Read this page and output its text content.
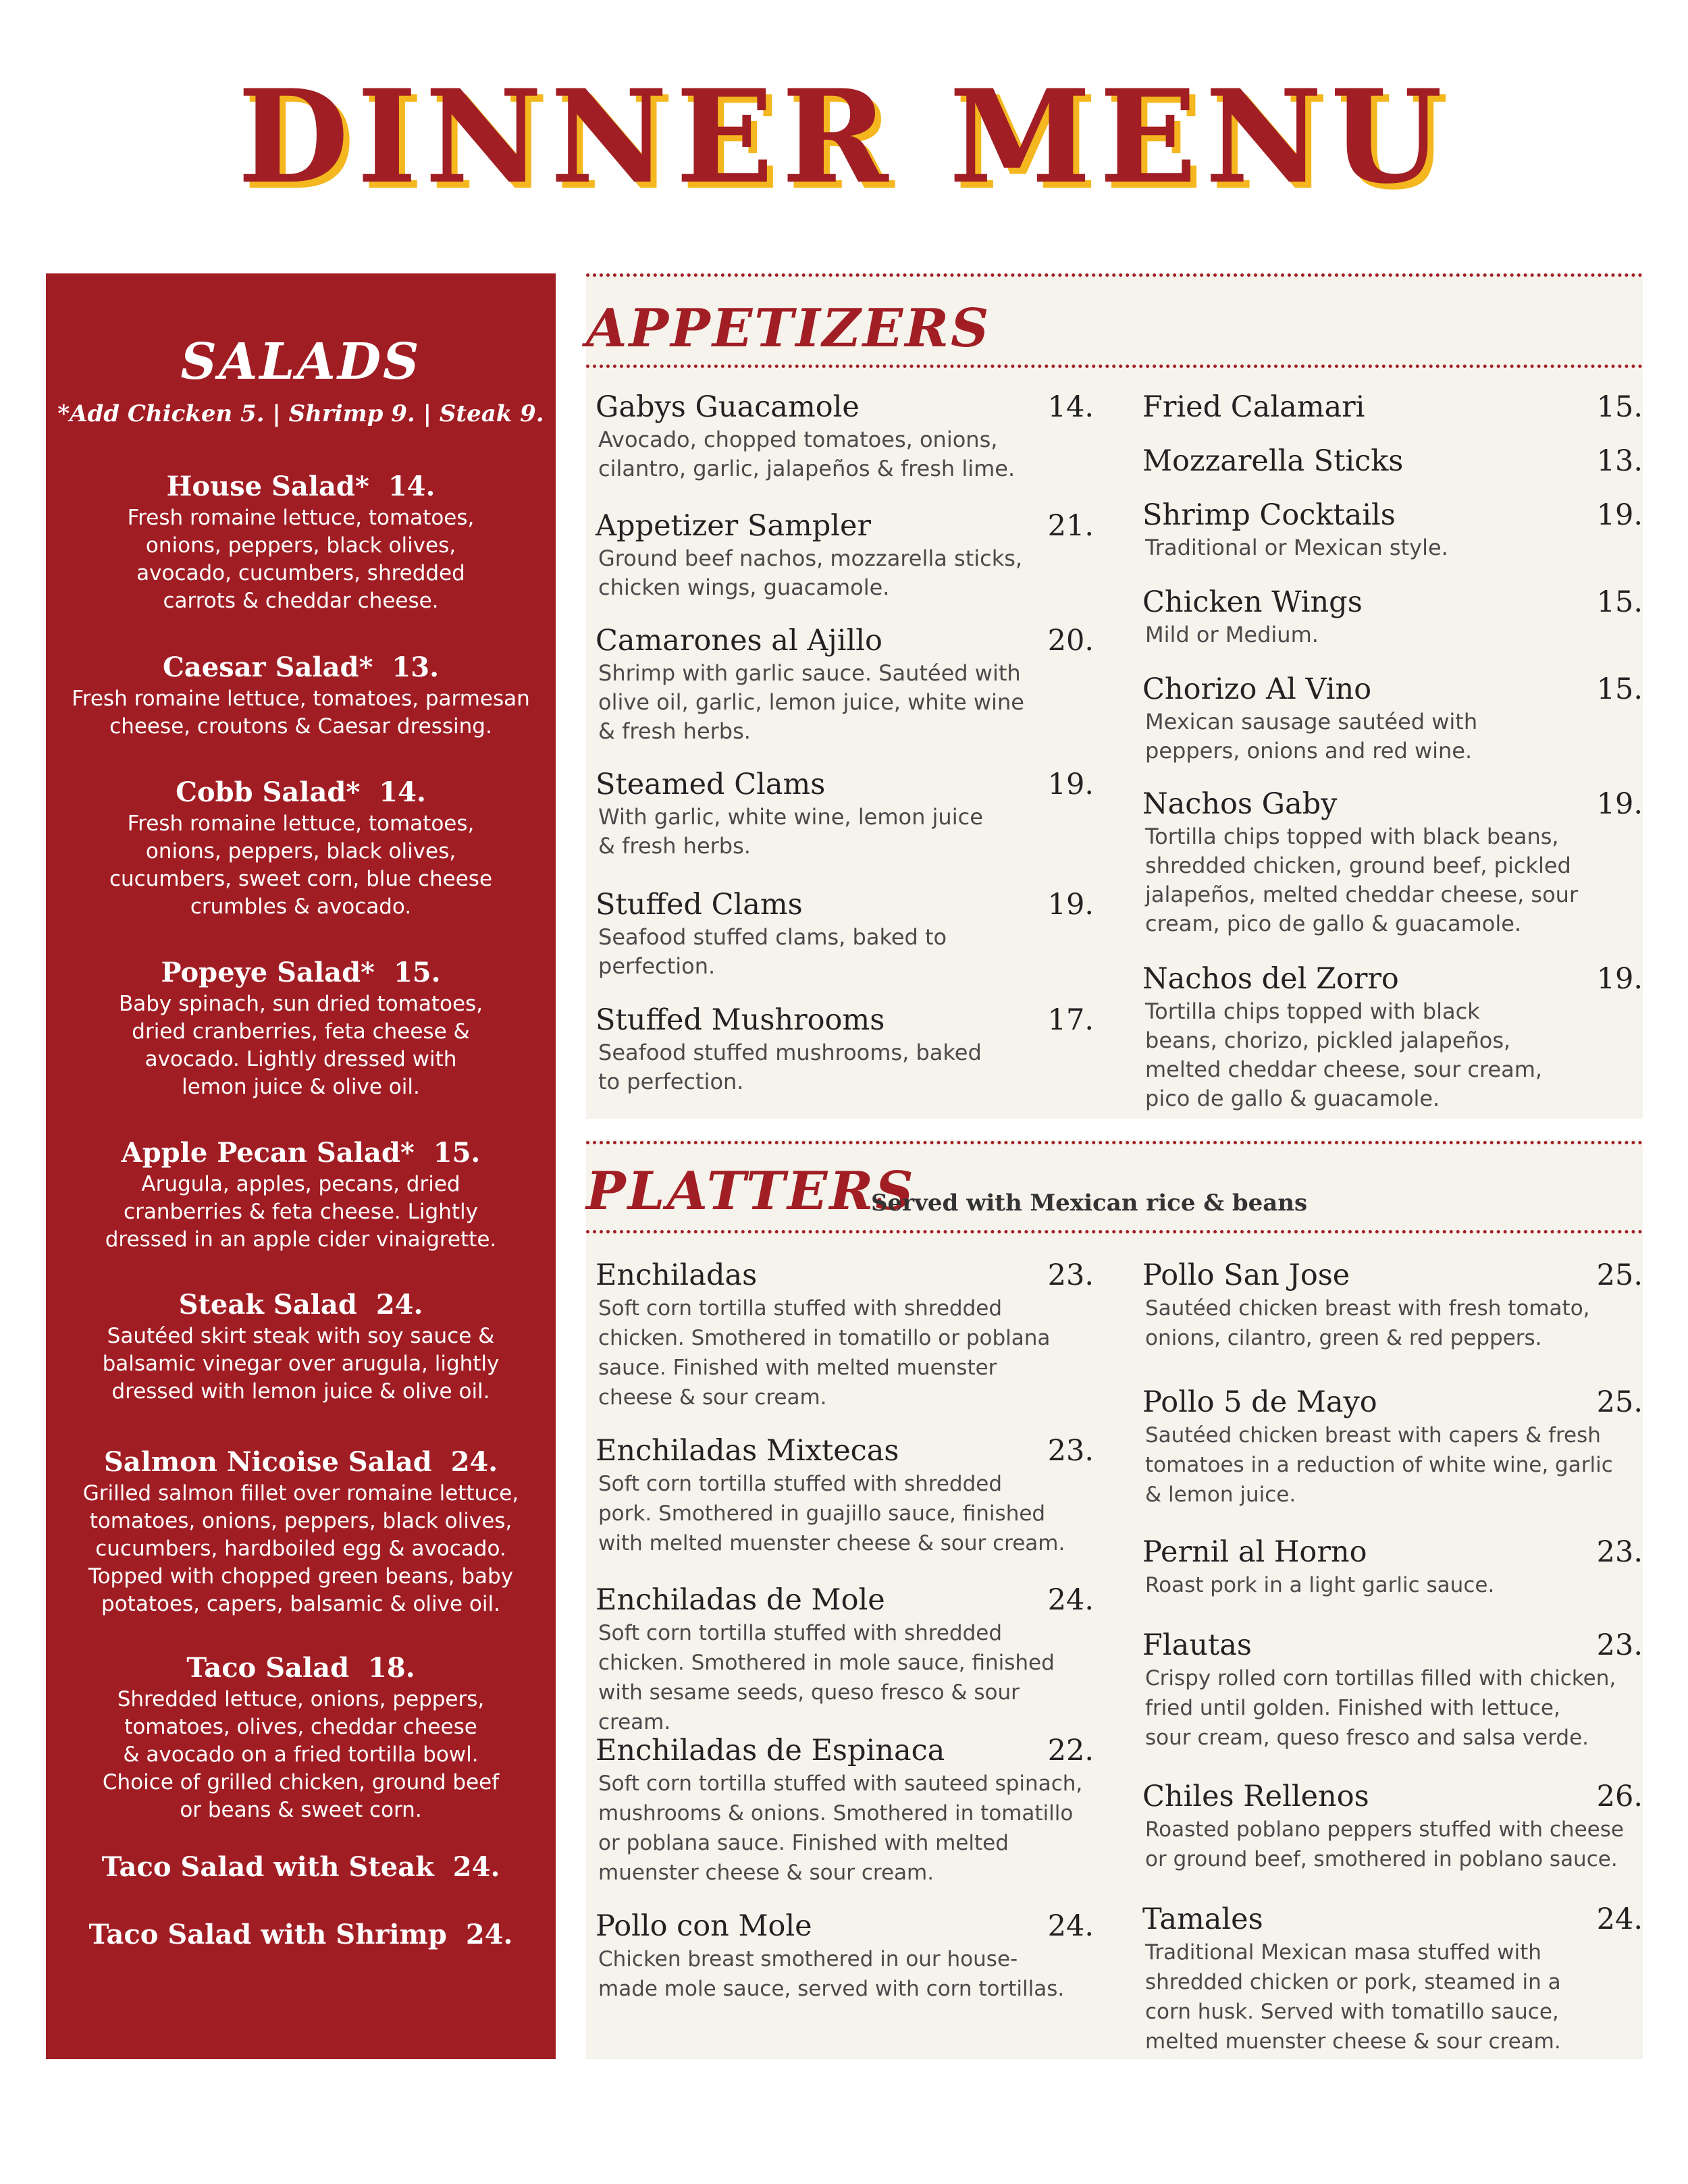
DINNER MENU
SALADS
*Add Chicken 5. | Shrimp 9. | Steak 9.
House Salad* 14.
Fresh romaine lettuce, tomatoes,
onions, peppers, black olives,
avocado, cucumbers, shredded
carrots & cheddar cheese.
Caesar Salad* 13.
Fresh romaine lettuce, tomatoes, parmesan
cheese, croutons & Caesar dressing.
Cobb Salad* 14.
Fresh romaine lettuce, tomatoes,
onions, peppers, black olives,
cucumbers, sweet corn, blue cheese
crumbles & avocado.
Popeye Salad* 15.
Baby spinach, sun dried tomatoes,
dried cranberries, feta cheese &
avocado. Lightly dressed with
lemon juice & olive oil.
Apple Pecan Salad* 15.
Arugula, apples, pecans, dried
cranberries & feta cheese. Lightly
dressed in an apple cider vinaigrette.
Steak Salad 24.
Sautéed skirt steak with soy sauce &
balsamic vinegar over arugula, lightly
dressed with lemon juice & olive oil.
Salmon Nicoise Salad 24.
Grilled salmon fillet over romaine lettuce,
tomatoes, onions, peppers, black olives,
cucumbers, hardboiled egg & avocado.
Topped with chopped green beans, baby
potatoes, capers, balsamic & olive oil.
Taco Salad 18.
Shredded lettuce, onions, peppers,
tomatoes, olives, cheddar cheese
& avocado on a fried tortilla bowl.
Choice of grilled chicken, ground beef
or beans & sweet corn.
Taco Salad with Steak 24.
Taco Salad with Shrimp 24.
APPETIZERS
Gabys Guacamole	14.
Avocado, chopped tomatoes, onions,
cilantro, garlic, jalapeños & fresh lime.
Appetizer Sampler	21.
Ground beef nachos, mozzarella sticks,
chicken wings, guacamole.
Camarones al Ajillo	20.
Shrimp with garlic sauce. Sautéed with
olive oil, garlic, lemon juice, white wine
& fresh herbs.
Steamed Clams	19.
With garlic, white wine, lemon juice
& fresh herbs.
Stuffed Clams	19.
Seafood stuffed clams, baked to
perfection.
Stuffed Mushrooms	17.
Seafood stuffed mushrooms, baked
to perfection.
Fried Calamari	15.
Mozzarella Sticks	13.
Shrimp Cocktails	19.
Traditional or Mexican style.
Chicken Wings	15.
Mild or Medium.
Chorizo Al Vino	15.
Mexican sausage sautéed with
peppers, onions and red wine.
Nachos Gaby	19.
Tortilla chips topped with black beans,
shredded chicken, ground beef, pickled
jalapeños, melted cheddar cheese, sour
cream, pico de gallo & guacamole.
Nachos del Zorro	19.
Tortilla chips topped with black
beans, chorizo, pickled jalapeños,
melted cheddar cheese, sour cream,
pico de gallo & guacamole.
PLATTERS
Served with Mexican rice & beans
Enchiladas	23.
Soft corn tortilla stuffed with shredded
chicken. Smothered in tomatillo or poblana
sauce. Finished with melted muenster
cheese & sour cream.
Enchiladas Mixtecas	23.
Soft corn tortilla stuffed with shredded
pork. Smothered in guajillo sauce, finished
with melted muenster cheese & sour cream.
Enchiladas de Mole	24.
Soft corn tortilla stuffed with shredded
chicken. Smothered in mole sauce, finished
with sesame seeds, queso fresco & sour cream.
Enchiladas de Espinaca	22.
Soft corn tortilla stuffed with sauteed spinach,
mushrooms & onions. Smothered in tomatillo
or poblana sauce. Finished with melted
muenster cheese & sour cream.
Pollo con Mole	24.
Chicken breast smothered in our house-
made mole sauce, served with corn tortillas.
Pollo San Jose	25.
Sautéed chicken breast with fresh tomato,
onions, cilantro, green & red peppers.
Pollo 5 de Mayo	25.
Sautéed chicken breast with capers & fresh
tomatoes in a reduction of white wine, garlic
& lemon juice.
Pernil al Horno	23.
Roast pork in a light garlic sauce.
Flautas	23.
Crispy rolled corn tortillas filled with chicken,
fried until golden. Finished with lettuce,
sour cream, queso fresco and salsa verde.
Chiles Rellenos	26.
Roasted poblano peppers stuffed with cheese
or ground beef, smothered in poblano sauce.
Tamales	24.
Traditional Mexican masa stuffed with
shredded chicken or pork, steamed in a
corn husk. Served with tomatillo sauce,
melted muenster cheese & sour cream.
